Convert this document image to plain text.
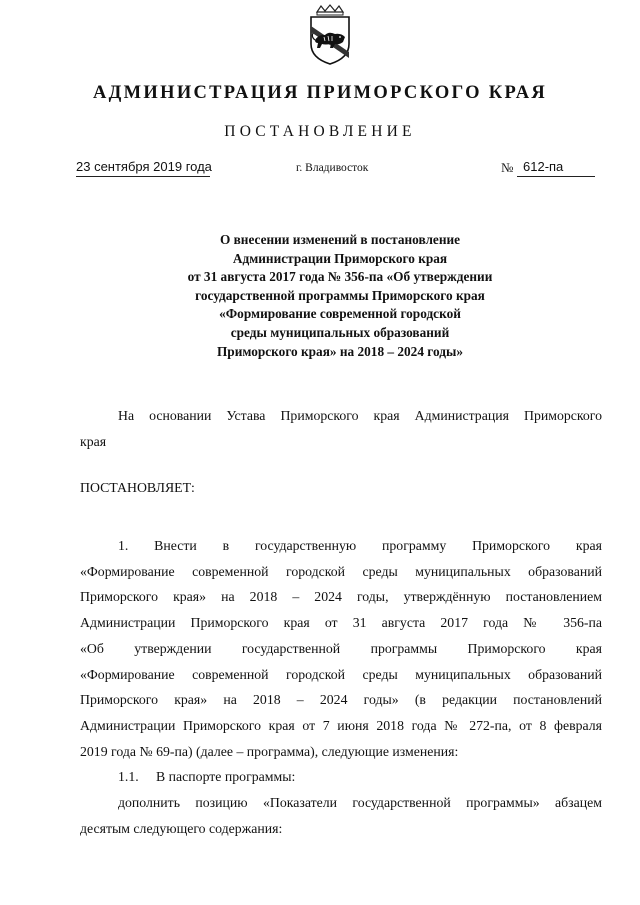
АДМИНИСТРАЦИЯ ПРИМОРСКОГО КРАЯ
ПОСТАНОВЛЕНИЕ
23 сентября 2019 года	г. Владивосток	№ 612-па
О внесении изменений в постановление
Администрации Приморского края
от 31 августа 2017 года № 356-па «Об утверждении
государственной программы Приморского края
«Формирование современной городской
среды муниципальных образований
Приморского края» на 2018 – 2024 годы»
На основании Устава Приморского края Администрация Приморского
края
ПОСТАНОВЛЯЕТ:
1. Внести в государственную программу Приморского края
«Формирование современной городской среды муниципальных образований
Приморского края» на 2018 – 2024 годы, утверждённую постановлением
Администрации Приморского края от 31 августа 2017 года № 356-па
«Об утверждении государственной программы Приморского края
«Формирование современной городской среды муниципальных образований
Приморского края» на 2018 – 2024 годы» (в редакции постановлений
Администрации Приморского края от 7 июня 2018 года № 272-па, от 8 февраля
2019 года № 69-па) (далее – программа), следующие изменения:
1.1. В паспорте программы:
дополнить позицию «Показатели государственной программы» абзацем
десятым следующего содержания:
